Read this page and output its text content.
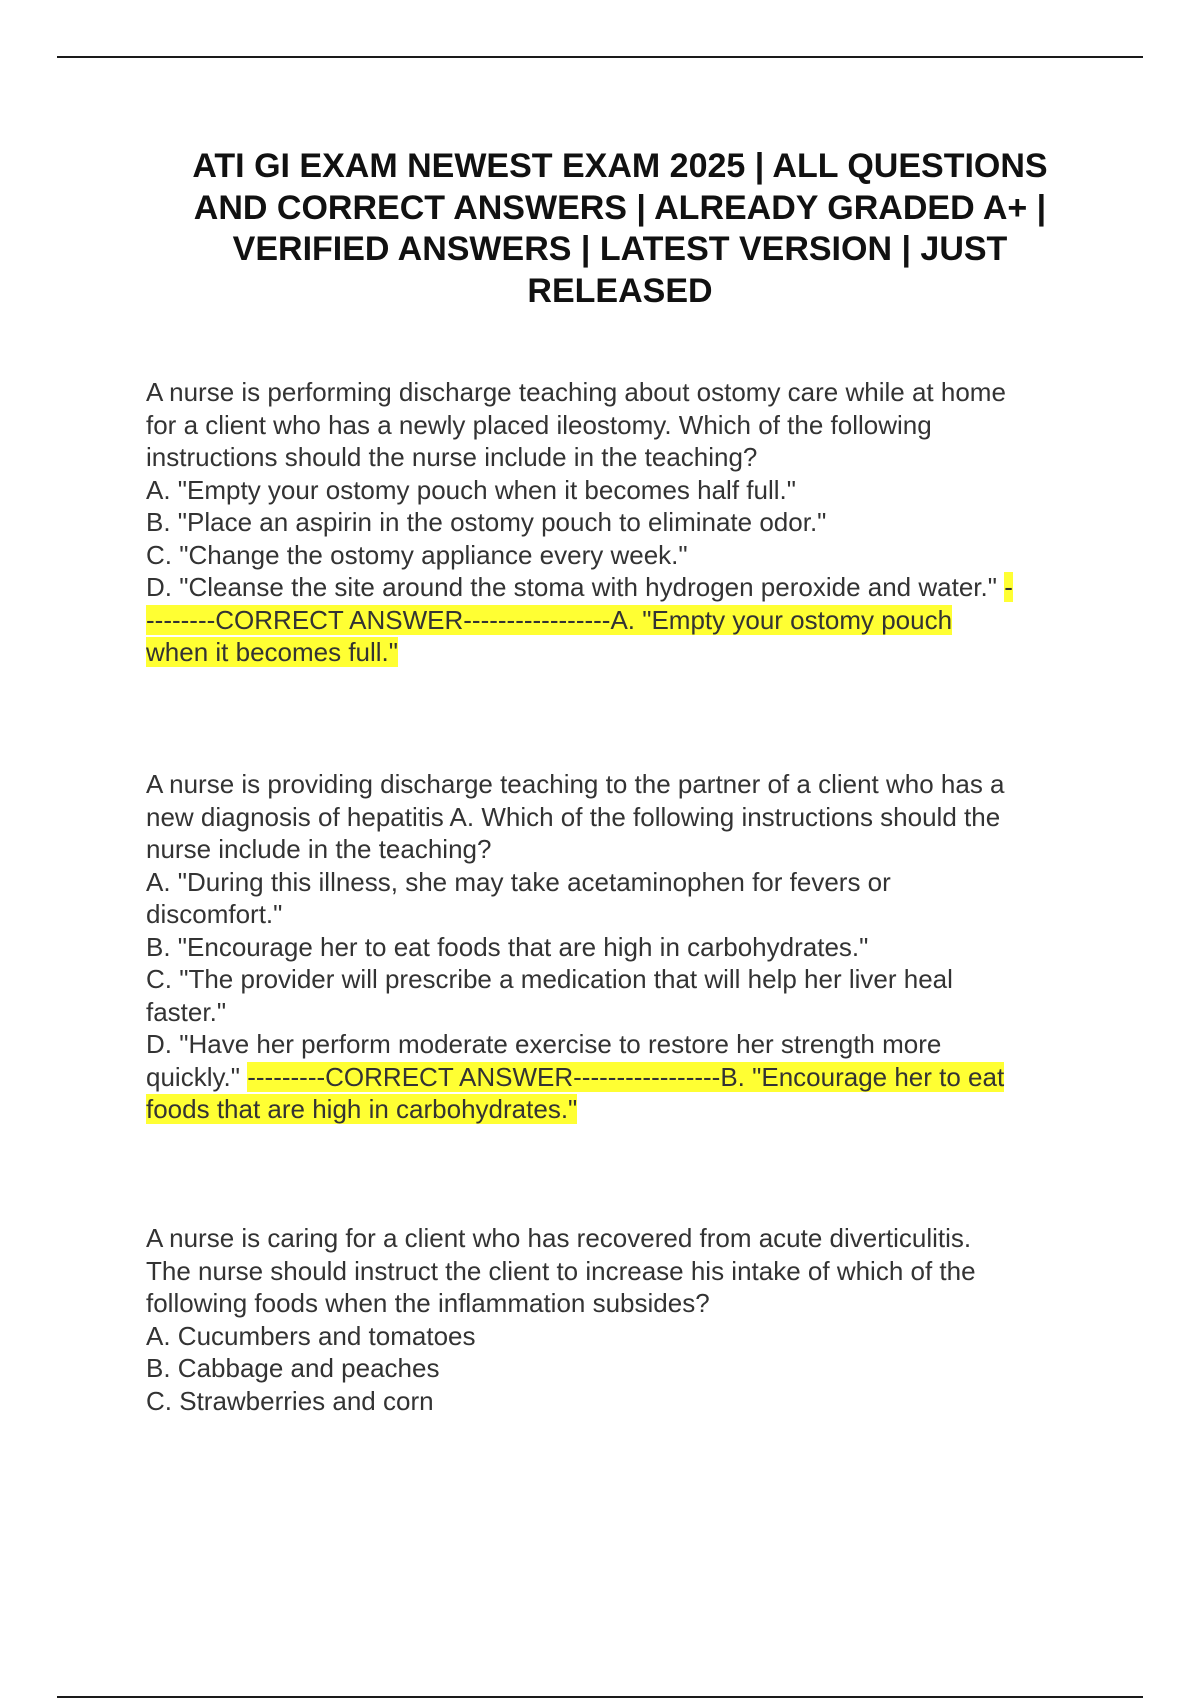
ATI GI EXAM NEWEST EXAM 2025 | ALL QUESTIONS
AND CORRECT ANSWERS | ALREADY GRADED A+ |
VERIFIED ANSWERS | LATEST VERSION | JUST
RELEASED
A nurse is performing discharge teaching about ostomy care while at home
for a client who has a newly placed ileostomy. Which of the following
instructions should the nurse include in the teaching?
A. "Empty your ostomy pouch when it becomes half full."
B. "Place an aspirin in the ostomy pouch to eliminate odor."
C. "Change the ostomy appliance every week."
D. "Cleanse the site around the stoma with hydrogen peroxide and water." -
--------CORRECT ANSWER-----------------A. "Empty your ostomy pouch
when it becomes full."
A nurse is providing discharge teaching to the partner of a client who has a
new diagnosis of hepatitis A. Which of the following instructions should the
nurse include in the teaching?
A. "During this illness, she may take acetaminophen for fevers or
discomfort."
B. "Encourage her to eat foods that are high in carbohydrates."
C. "The provider will prescribe a medication that will help her liver heal
faster."
D. "Have her perform moderate exercise to restore her strength more
quickly." ---------CORRECT ANSWER-----------------B. "Encourage her to eat
foods that are high in carbohydrates."
A nurse is caring for a client who has recovered from acute diverticulitis.
The nurse should instruct the client to increase his intake of which of the
following foods when the inflammation subsides?
A. Cucumbers and tomatoes
B. Cabbage and peaches
C. Strawberries and corn
